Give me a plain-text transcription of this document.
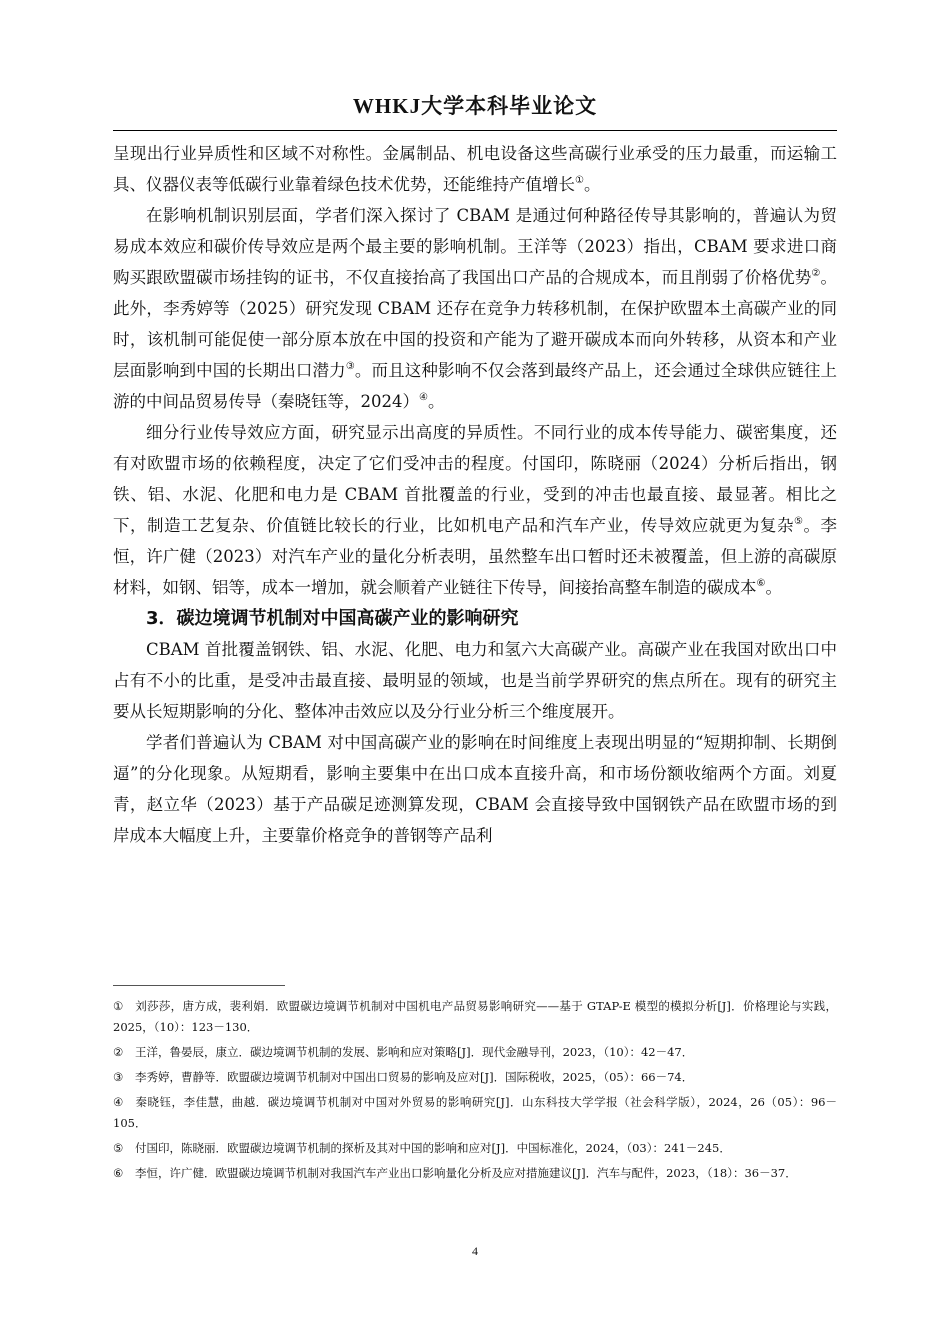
WHKJ大学本科毕业论文

呈现出行业异质性和区域不对称性。金属制品、机电设备这些高碳行业承受的压力最重，而运输工具、仪器仪表等低碳行业靠着绿色技术优势，还能维持产值增长①。

在影响机制识别层面，学者们深入探讨了 CBAM 是通过何种路径传导其影响的，普遍认为贸易成本效应和碳价传导效应是两个最主要的影响机制。王洋等（2023）指出，CBAM 要求进口商购买跟欧盟碳市场挂钩的证书，不仅直接抬高了我国出口产品的合规成本，而且削弱了价格优势②。此外，李秀婷等（2025）研究发现 CBAM 还存在竞争力转移机制，在保护欧盟本土高碳产业的同时，该机制可能促使一部分原本放在中国的投资和产能为了避开碳成本而向外转移，从资本和产业层面影响到中国的长期出口潜力③。而且这种影响不仅会落到最终产品上，还会通过全球供应链往上游的中间品贸易传导（秦晓钰等，2024）④。

细分行业传导效应方面，研究显示出高度的异质性。不同行业的成本传导能力、碳密集度，还有对欧盟市场的依赖程度，决定了它们受冲击的程度。付国印，陈晓丽（2024）分析后指出，钢铁、铝、水泥、化肥和电力是 CBAM 首批覆盖的行业，受到的冲击也最直接、最显著。相比之下，制造工艺复杂、价值链比较长的行业，比如机电产品和汽车产业，传导效应就更为复杂⑤。李恒，许广健（2023）对汽车产业的量化分析表明，虽然整车出口暂时还未被覆盖，但上游的高碳原材料，如钢、铝等，成本一增加，就会顺着产业链往下传导，间接抬高整车制造的碳成本⑥。

3．碳边境调节机制对中国高碳产业的影响研究

CBAM 首批覆盖钢铁、铝、水泥、化肥、电力和氢六大高碳产业。高碳产业在我国对欧出口中占有不小的比重，是受冲击最直接、最明显的领域，也是当前学界研究的焦点所在。现有的研究主要从长短期影响的分化、整体冲击效应以及分行业分析三个维度展开。

学者们普遍认为 CBAM 对中国高碳产业的影响在时间维度上表现出明显的“短期抑制、长期倒逼”的分化现象。从短期看，影响主要集中在出口成本直接升高，和市场份额收缩两个方面。刘夏青，赵立华（2023）基于产品碳足迹测算发现，CBAM 会直接导致中国钢铁产品在欧盟市场的到岸成本大幅度上升，主要靠价格竞争的普钢等产品利

① 刘莎莎，唐方成，裴利娟．欧盟碳边境调节机制对中国机电产品贸易影响研究——基于 GTAP-E 模型的模拟分析[J]．价格理论与实践，2025，（10）：123－130．

② 王洋，鲁晏辰，康立．碳边境调节机制的发展、影响和应对策略[J]．现代金融导刊，2023，（10）：42－47．

③ 李秀婷，曹静等．欧盟碳边境调节机制对中国出口贸易的影响及应对[J]．国际税收，2025，（05）：66－74．

④ 秦晓钰，李佳慧，曲越．碳边境调节机制对中国对外贸易的影响研究[J]．山东科技大学学报（社会科学版），2024，26（05）：96－105．

⑤ 付国印，陈晓丽．欧盟碳边境调节机制的探析及其对中国的影响和应对[J]．中国标准化，2024，（03）：241－245．

⑥ 李恒，许广健．欧盟碳边境调节机制对我国汽车产业出口影响量化分析及应对措施建议[J]．汽车与配件，2023，（18）：36－37．

4
